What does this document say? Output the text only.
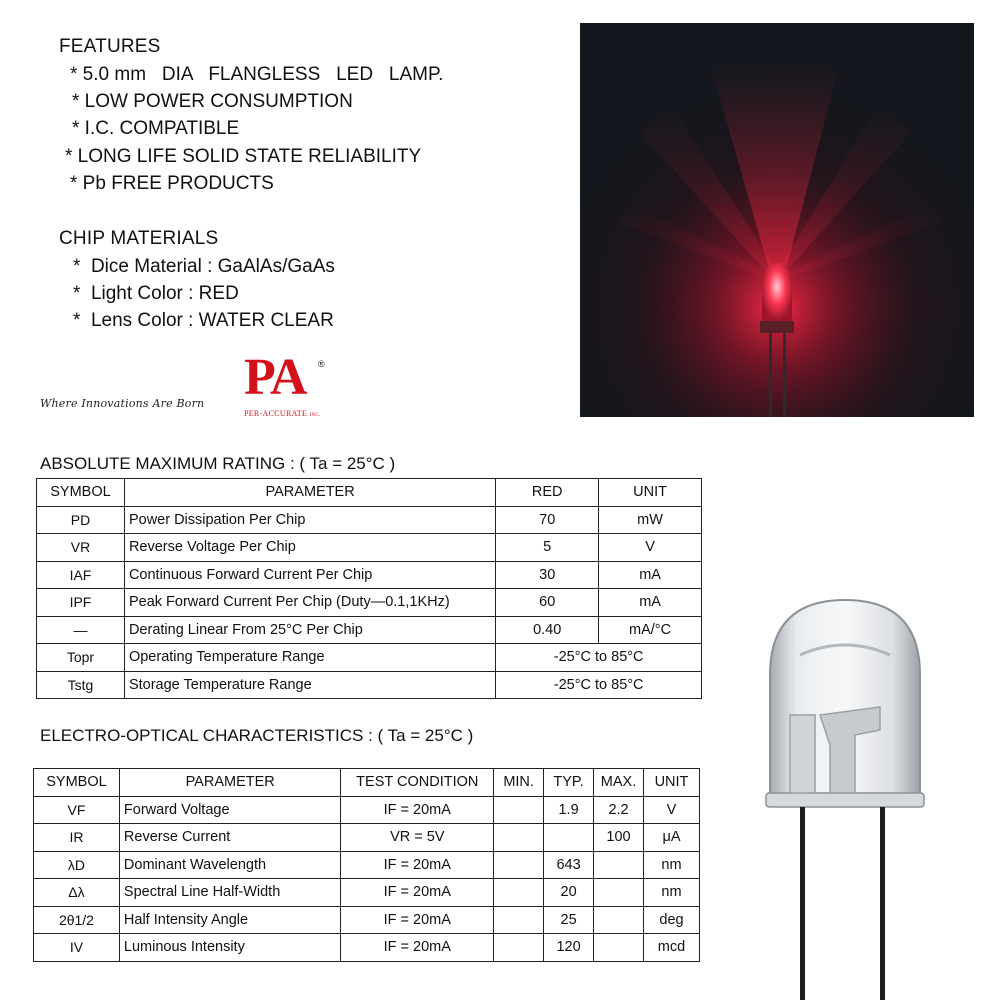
FEATURES
* 5.0 mm   DIA   FLANGLESS   LED   LAMP.
* LOW POWER CONSUMPTION
* I.C. COMPATIBLE
* LONG LIFE SOLID STATE RELIABILITY
* Pb FREE PRODUCTS
CHIP MATERIALS
*  Dice Material : GaAlAs/GaAs
*  Light Color : RED
*  Lens Color : WATER CLEAR
Where Innovations Are Born PA ®
PER-ACCURATE INC.
ABSOLUTE MAXIMUM RATING : ( Ta = 25°C )
SYMBOL	PARAMETER	RED	UNIT
PD	Power Dissipation Per Chip	70	mW
VR	Reverse Voltage Per Chip	5	V
IAF	Continuous Forward Current Per Chip	30	mA
IPF	Peak Forward Current Per Chip (Duty—0.1,1KHz)	60	mA
—	Derating Linear From 25°C Per Chip	0.40	mA/°C
Topr	Operating Temperature Range	-25°C to 85°C	
Tstg	Storage Temperature Range	-25°C to 85°C	
ELECTRO-OPTICAL CHARACTERISTICS : ( Ta = 25°C )
SYMBOL	PARAMETER	TEST CONDITION	MIN.	TYP.	MAX.	UNIT
VF	Forward Voltage	IF = 20mA		1.9	2.2	V
IR	Reverse Current	VR = 5V			100	μA
λD	Dominant Wavelength	IF = 20mA		643		nm
Δλ	Spectral Line Half-Width	IF = 20mA		20		nm
2θ1/2	Half Intensity Angle	IF = 20mA		25		deg
IV	Luminous Intensity	IF = 20mA		120		mcd
